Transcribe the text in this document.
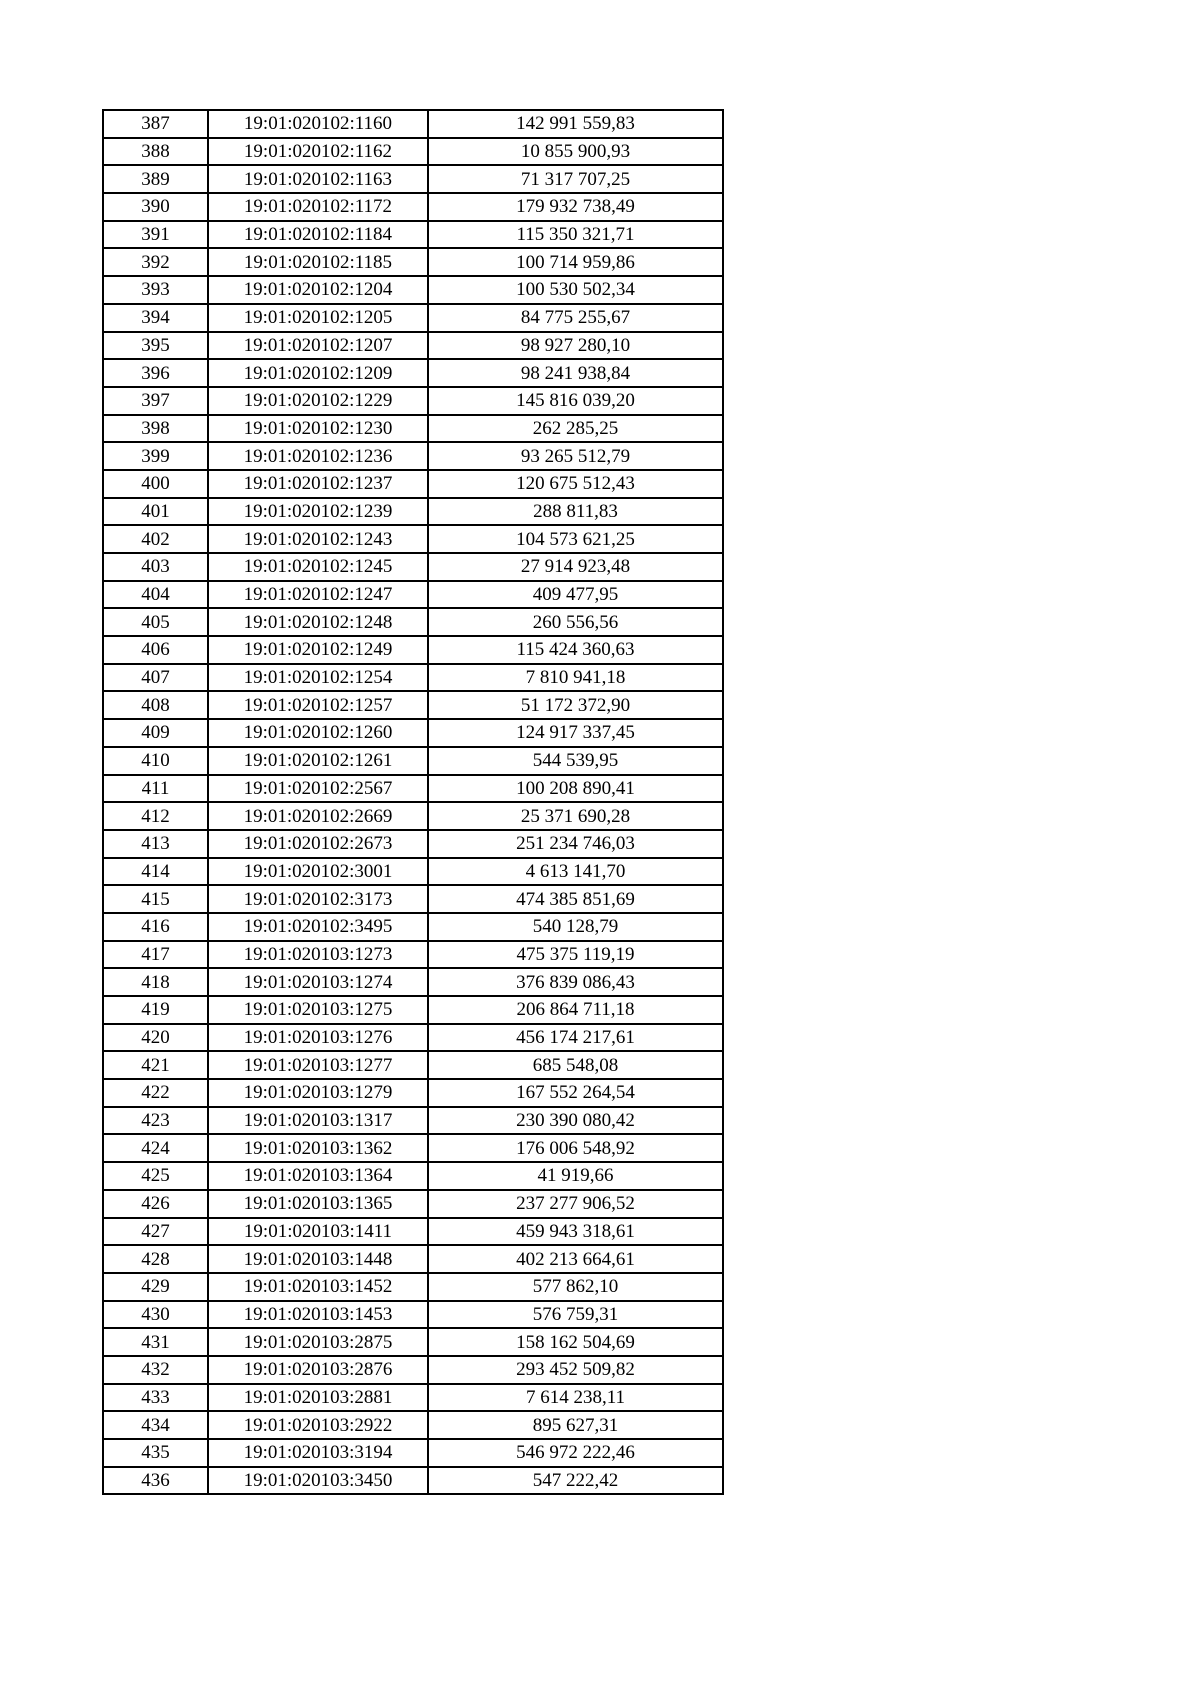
387	19:01:020102:1160	142 991 559,83
388	19:01:020102:1162	10 855 900,93
389	19:01:020102:1163	71 317 707,25
390	19:01:020102:1172	179 932 738,49
391	19:01:020102:1184	115 350 321,71
392	19:01:020102:1185	100 714 959,86
393	19:01:020102:1204	100 530 502,34
394	19:01:020102:1205	84 775 255,67
395	19:01:020102:1207	98 927 280,10
396	19:01:020102:1209	98 241 938,84
397	19:01:020102:1229	145 816 039,20
398	19:01:020102:1230	262 285,25
399	19:01:020102:1236	93 265 512,79
400	19:01:020102:1237	120 675 512,43
401	19:01:020102:1239	288 811,83
402	19:01:020102:1243	104 573 621,25
403	19:01:020102:1245	27 914 923,48
404	19:01:020102:1247	409 477,95
405	19:01:020102:1248	260 556,56
406	19:01:020102:1249	115 424 360,63
407	19:01:020102:1254	7 810 941,18
408	19:01:020102:1257	51 172 372,90
409	19:01:020102:1260	124 917 337,45
410	19:01:020102:1261	544 539,95
411	19:01:020102:2567	100 208 890,41
412	19:01:020102:2669	25 371 690,28
413	19:01:020102:2673	251 234 746,03
414	19:01:020102:3001	4 613 141,70
415	19:01:020102:3173	474 385 851,69
416	19:01:020102:3495	540 128,79
417	19:01:020103:1273	475 375 119,19
418	19:01:020103:1274	376 839 086,43
419	19:01:020103:1275	206 864 711,18
420	19:01:020103:1276	456 174 217,61
421	19:01:020103:1277	685 548,08
422	19:01:020103:1279	167 552 264,54
423	19:01:020103:1317	230 390 080,42
424	19:01:020103:1362	176 006 548,92
425	19:01:020103:1364	41 919,66
426	19:01:020103:1365	237 277 906,52
427	19:01:020103:1411	459 943 318,61
428	19:01:020103:1448	402 213 664,61
429	19:01:020103:1452	577 862,10
430	19:01:020103:1453	576 759,31
431	19:01:020103:2875	158 162 504,69
432	19:01:020103:2876	293 452 509,82
433	19:01:020103:2881	7 614 238,11
434	19:01:020103:2922	895 627,31
435	19:01:020103:3194	546 972 222,46
436	19:01:020103:3450	547 222,42
